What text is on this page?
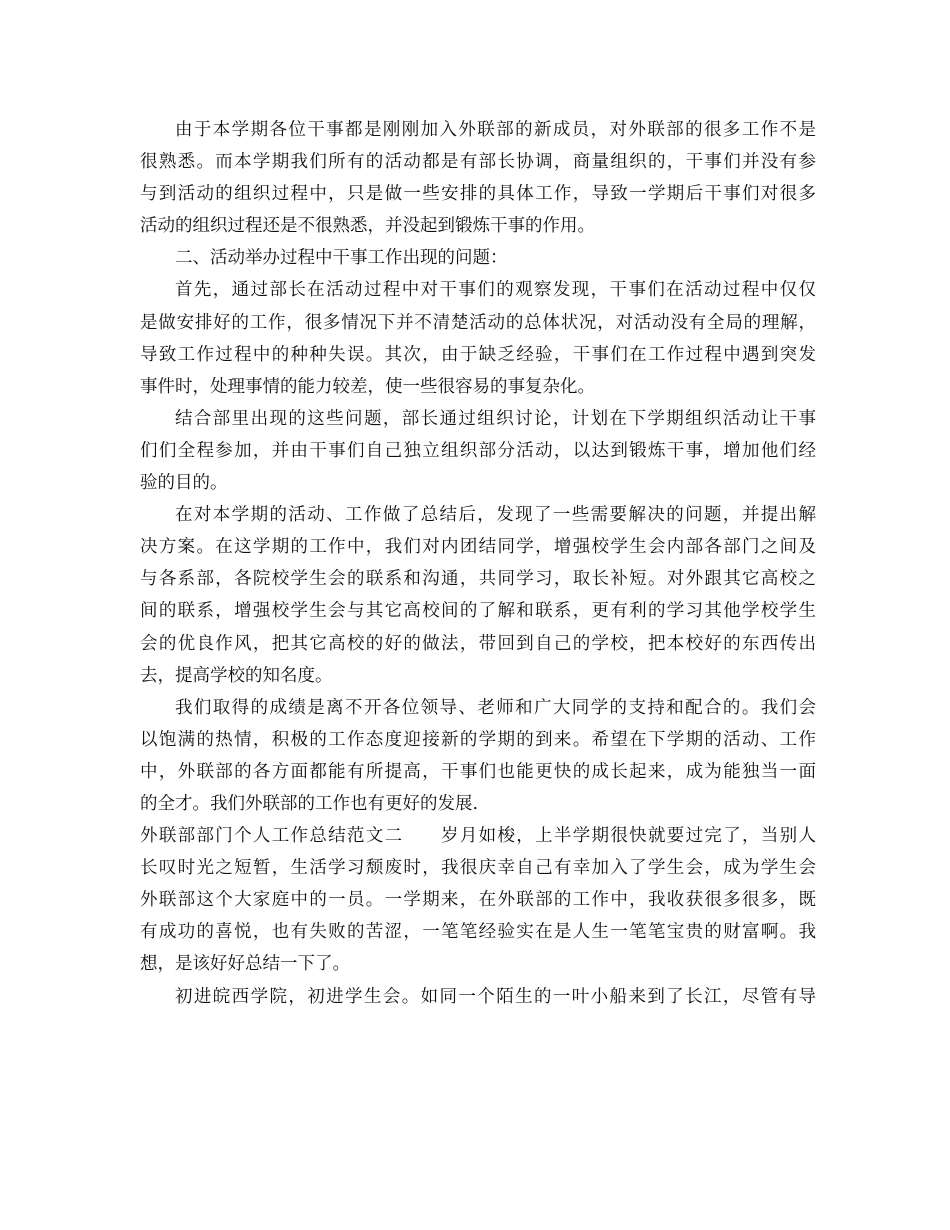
由于本学期各位干事都是刚刚加入外联部的新成员，对外联部的很多工作不是
很熟悉。而本学期我们所有的活动都是有部长协调，商量组织的，干事们并没有参
与到活动的组织过程中，只是做一些安排的具体工作，导致一学期后干事们对很多
活动的组织过程还是不很熟悉，并没起到锻炼干事的作用。
二、活动举办过程中干事工作出现的问题：
首先，通过部长在活动过程中对干事们的观察发现，干事们在活动过程中仅仅
是做安排好的工作，很多情况下并不清楚活动的总体状况，对活动没有全局的理解，
导致工作过程中的种种失误。其次，由于缺乏经验，干事们在工作过程中遇到突发
事件时，处理事情的能力较差，使一些很容易的事复杂化。
结合部里出现的这些问题，部长通过组织讨论，计划在下学期组织活动让干事
们们全程参加，并由干事们自己独立组织部分活动，以达到锻炼干事，增加他们经
验的目的。
在对本学期的活动、工作做了总结后，发现了一些需要解决的问题，并提出解
决方案。在这学期的工作中，我们对内团结同学，增强校学生会内部各部门之间及
与各系部，各院校学生会的联系和沟通，共同学习，取长补短。对外跟其它高校之
间的联系，增强校学生会与其它高校间的了解和联系，更有利的学习其他学校学生
会的优良作风，把其它高校的好的做法，带回到自己的学校，把本校好的东西传出
去，提高学校的知名度。
我们取得的成绩是离不开各位领导、老师和广大同学的支持和配合的。我们会
以饱满的热情，积极的工作态度迎接新的学期的到来。希望在下学期的活动、工作
中，外联部的各方面都能有所提高，干事们也能更快的成长起来，成为能独当一面
的全才。我们外联部的工作也有更好的发展.
外联部部门个人工作总结范文二　　岁月如梭，上半学期很快就要过完了，当别人
长叹时光之短暂，生活学习颓废时，我很庆幸自己有幸加入了学生会，成为学生会
外联部这个大家庭中的一员。一学期来，在外联部的工作中，我收获很多很多，既
有成功的喜悦，也有失败的苦涩，一笔笔经验实在是人生一笔笔宝贵的财富啊。我
想，是该好好总结一下了。
初进皖西学院，初进学生会。如同一个陌生的一叶小船来到了长江，尽管有导
